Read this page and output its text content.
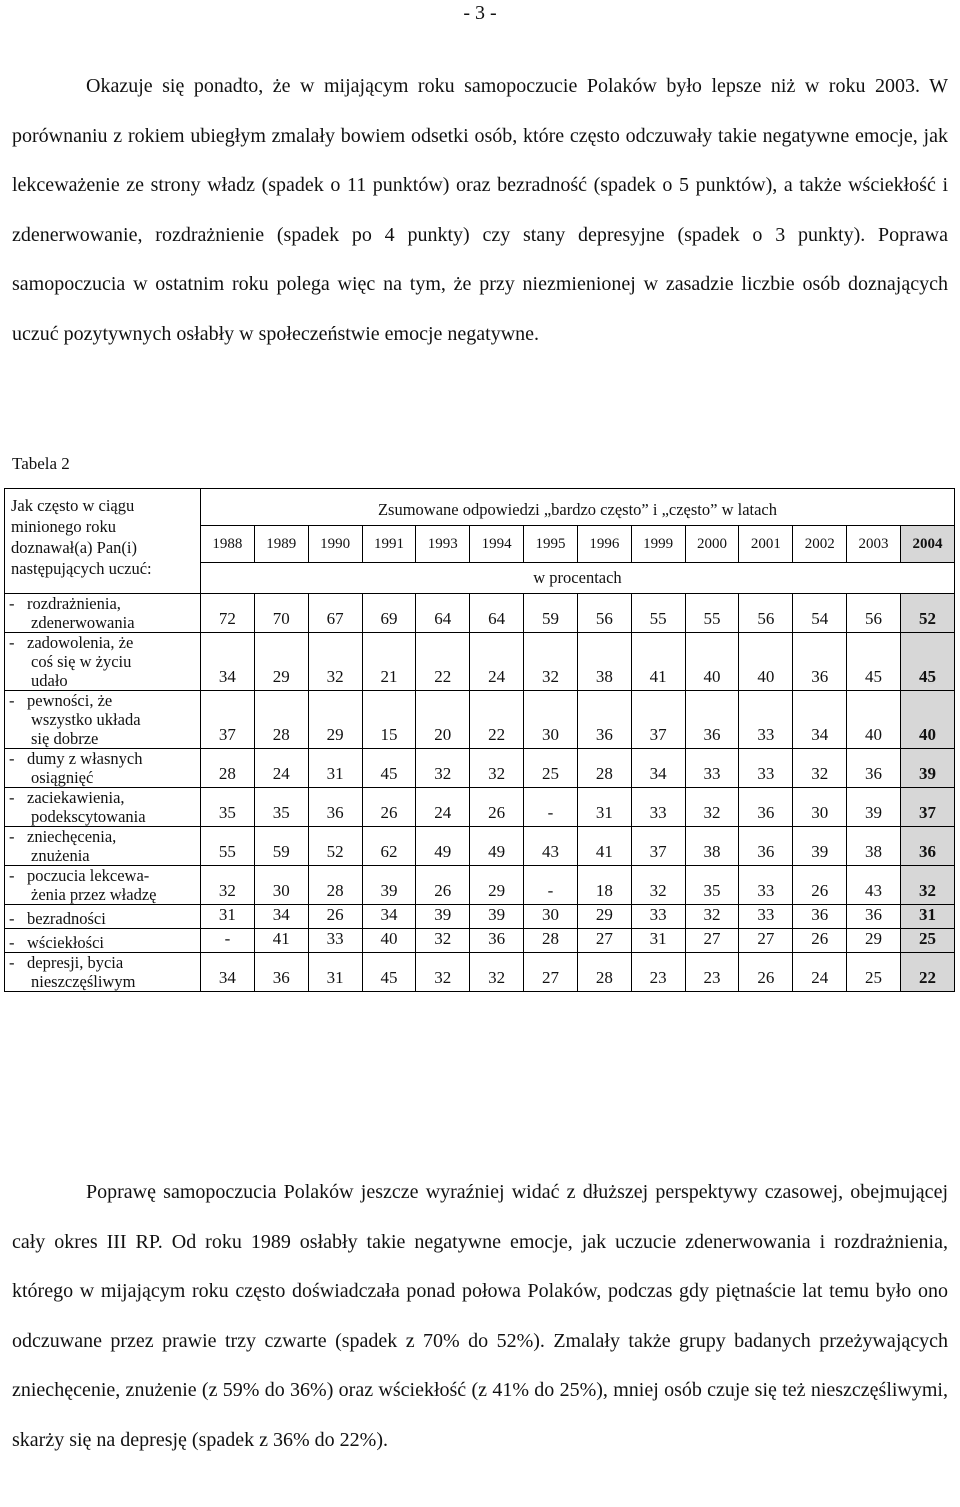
- 3 -

Okazuje się ponadto, że w mijającym roku samopoczucie Polaków było lepsze niż w roku 2003. W porównaniu z rokiem ubiegłym zmalały bowiem odsetki osób, które często odczuwały takie negatywne emocje, jak lekceważenie ze strony władz (spadek o 11 punktów) oraz bezradność (spadek o 5 punktów), a także wściekłość i zdenerwowanie, rozdrażnienie (spadek po 4 punkty) czy stany depresyjne (spadek o 3 punkty). Poprawa samopoczucia w ostatnim roku polega więc na tym, że przy niezmienionej w zasadzie liczbie osób doznających uczuć pozytywnych osłabły w społeczeństwie emocje negatywne.

Tabela 2
Jak często w ciągu minionego roku doznawał(a) Pan(i) następujących uczuć:	Zsumowane odpowiedzi „bardzo często” i „często” w latach													
	1988	1989	1990	1991	1993	1994	1995	1996	1999	2000	2001	2002	2003	2004
	w procentach													
- rozdrażnienia,
zdenerwowania	72	70	67	69	64	64	59	56	55	55	56	54	56	52
- zadowolenia, że
coś się w życiu
udało	34	29	32	21	22	24	32	38	41	40	40	36	45	45
- pewności, że
wszystko układa
się dobrze	37	28	29	15	20	22	30	36	37	36	33	34	40	40
- dumy z własnych
osiągnięć	28	24	31	45	32	32	25	28	34	33	33	32	36	39
- zaciekawienia,
podekscytowania	35	35	36	26	24	26	-	31	33	32	36	30	39	37
- zniechęcenia,
znużenia	55	59	52	62	49	49	43	41	37	38	36	39	38	36
- poczucia lekcewa-
żenia przez władzę	32	30	28	39	26	29	-	18	32	35	33	26	43	32
- bezradności	31	34	26	34	39	39	30	29	33	32	33	36	36	31
- wściekłości	-	41	33	40	32	36	28	27	31	27	27	26	29	25
- depresji, bycia
nieszczęśliwym	34	36	31	45	32	32	27	28	23	23	26	24	25	22

Poprawę samopoczucia Polaków jeszcze wyraźniej widać z dłuższej perspektywy czasowej, obejmującej cały okres III RP. Od roku 1989 osłabły takie negatywne emocje, jak uczucie zdenerwowania i rozdrażnienia, którego w mijającym roku często doświadczała ponad połowa Polaków, podczas gdy piętnaście lat temu było ono odczuwane przez prawie trzy czwarte (spadek z 70% do 52%). Zmalały także grupy badanych przeżywających zniechęcenie, znużenie (z 59% do 36%) oraz wściekłość (z 41% do 25%), mniej osób czuje się też nieszczęśliwymi, skarży się na depresję (spadek z 36% do 22%).
